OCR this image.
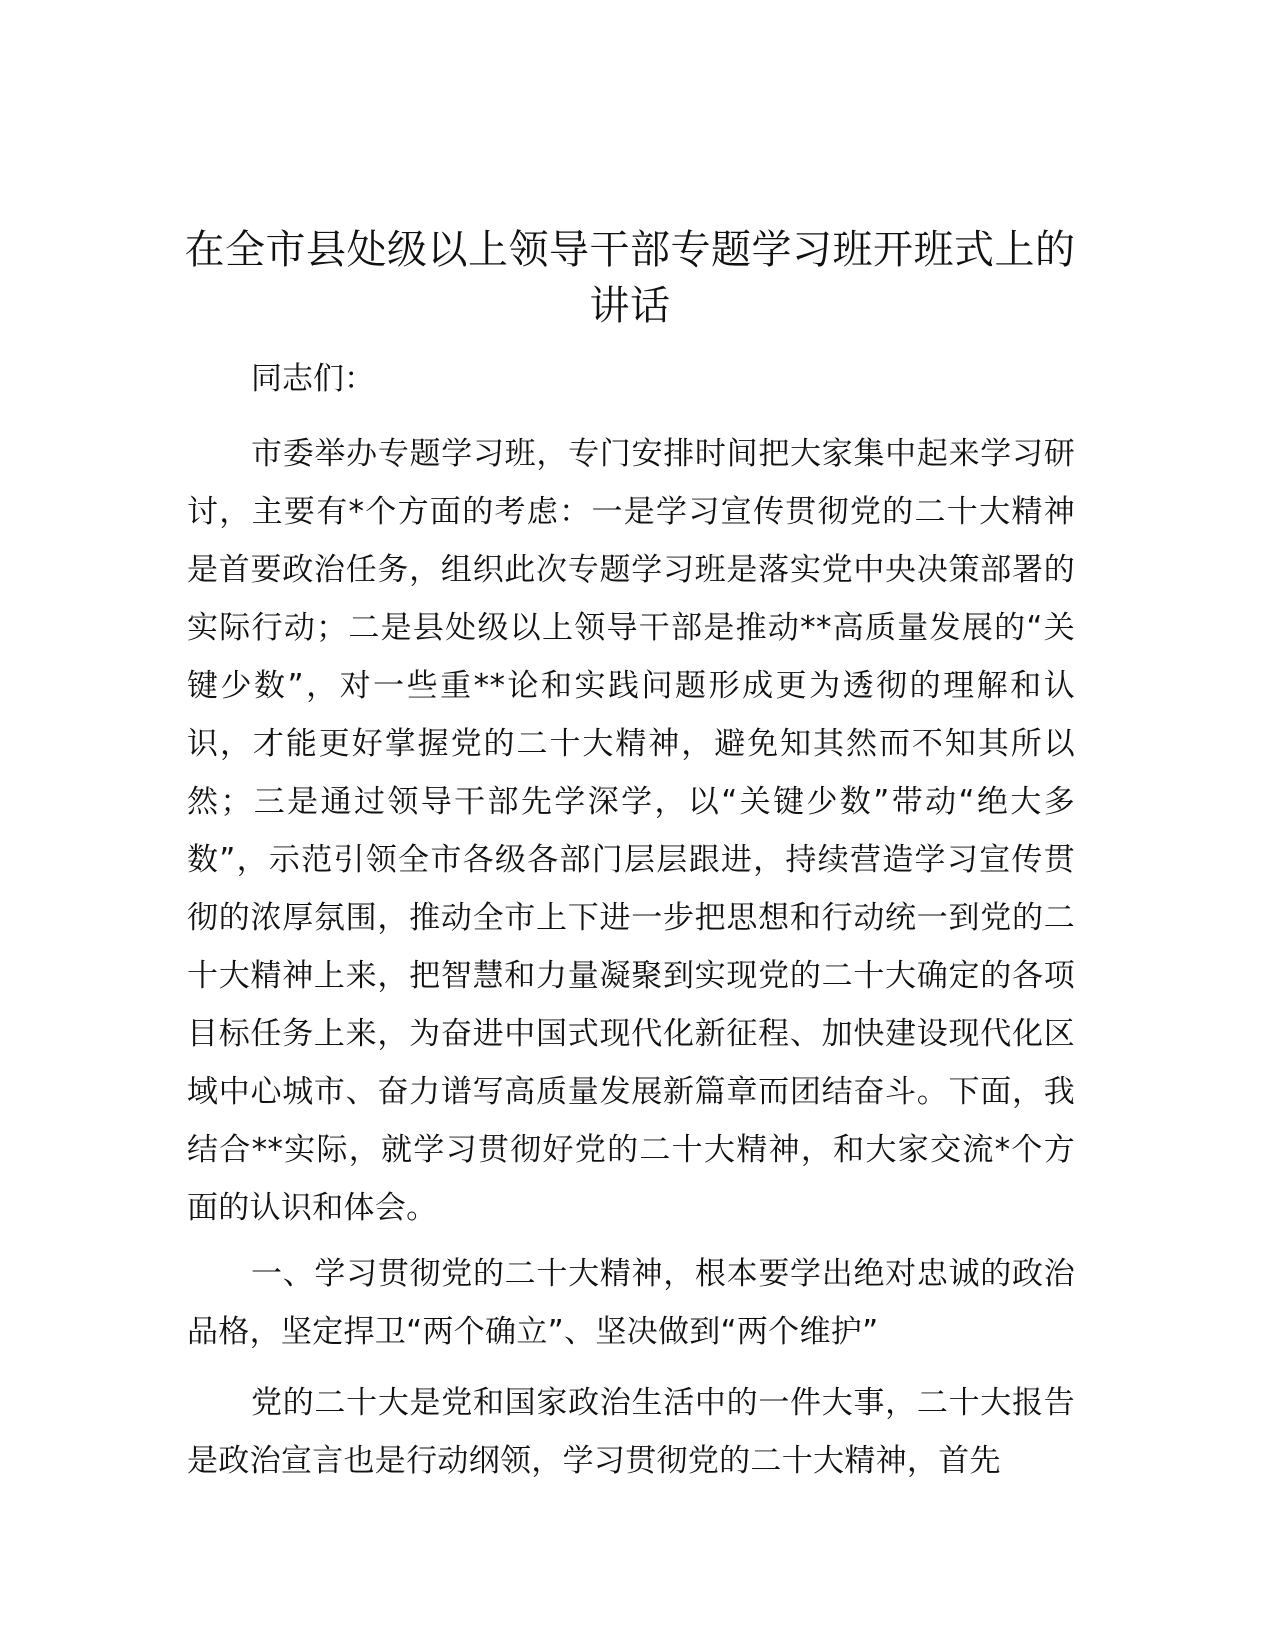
在全市县处级以上领导干部专题学习班开班式上的讲话

同志们：

市委举办专题学习班，专门安排时间把大家集中起来学习研讨，主要有*个方面的考虑：一是学习宣传贯彻党的二十大精神是首要政治任务，组织此次专题学习班是落实党中央决策部署的实际行动；二是县处级以上领导干部是推动**高质量发展的“关键少数”，对一些重**论和实践问题形成更为透彻的理解和认识，才能更好掌握党的二十大精神，避免知其然而不知其所以然；三是通过领导干部先学深学，以“关键少数”带动“绝大多数”，示范引领全市各级各部门层层跟进，持续营造学习宣传贯彻的浓厚氛围，推动全市上下进一步把思想和行动统一到党的二十大精神上来，把智慧和力量凝聚到实现党的二十大确定的各项目标任务上来，为奋进中国式现代化新征程、加快建设现代化区域中心城市、奋力谱写高质量发展新篇章而团结奋斗。下面，我结合**实际，就学习贯彻好党的二十大精神，和大家交流*个方面的认识和体会。

一、学习贯彻党的二十大精神，根本要学出绝对忠诚的政治品格，坚定捍卫“两个确立”、坚决做到“两个维护”

党的二十大是党和国家政治生活中的一件大事，二十大报告是政治宣言也是行动纲领，学习贯彻党的二十大精神，首先
